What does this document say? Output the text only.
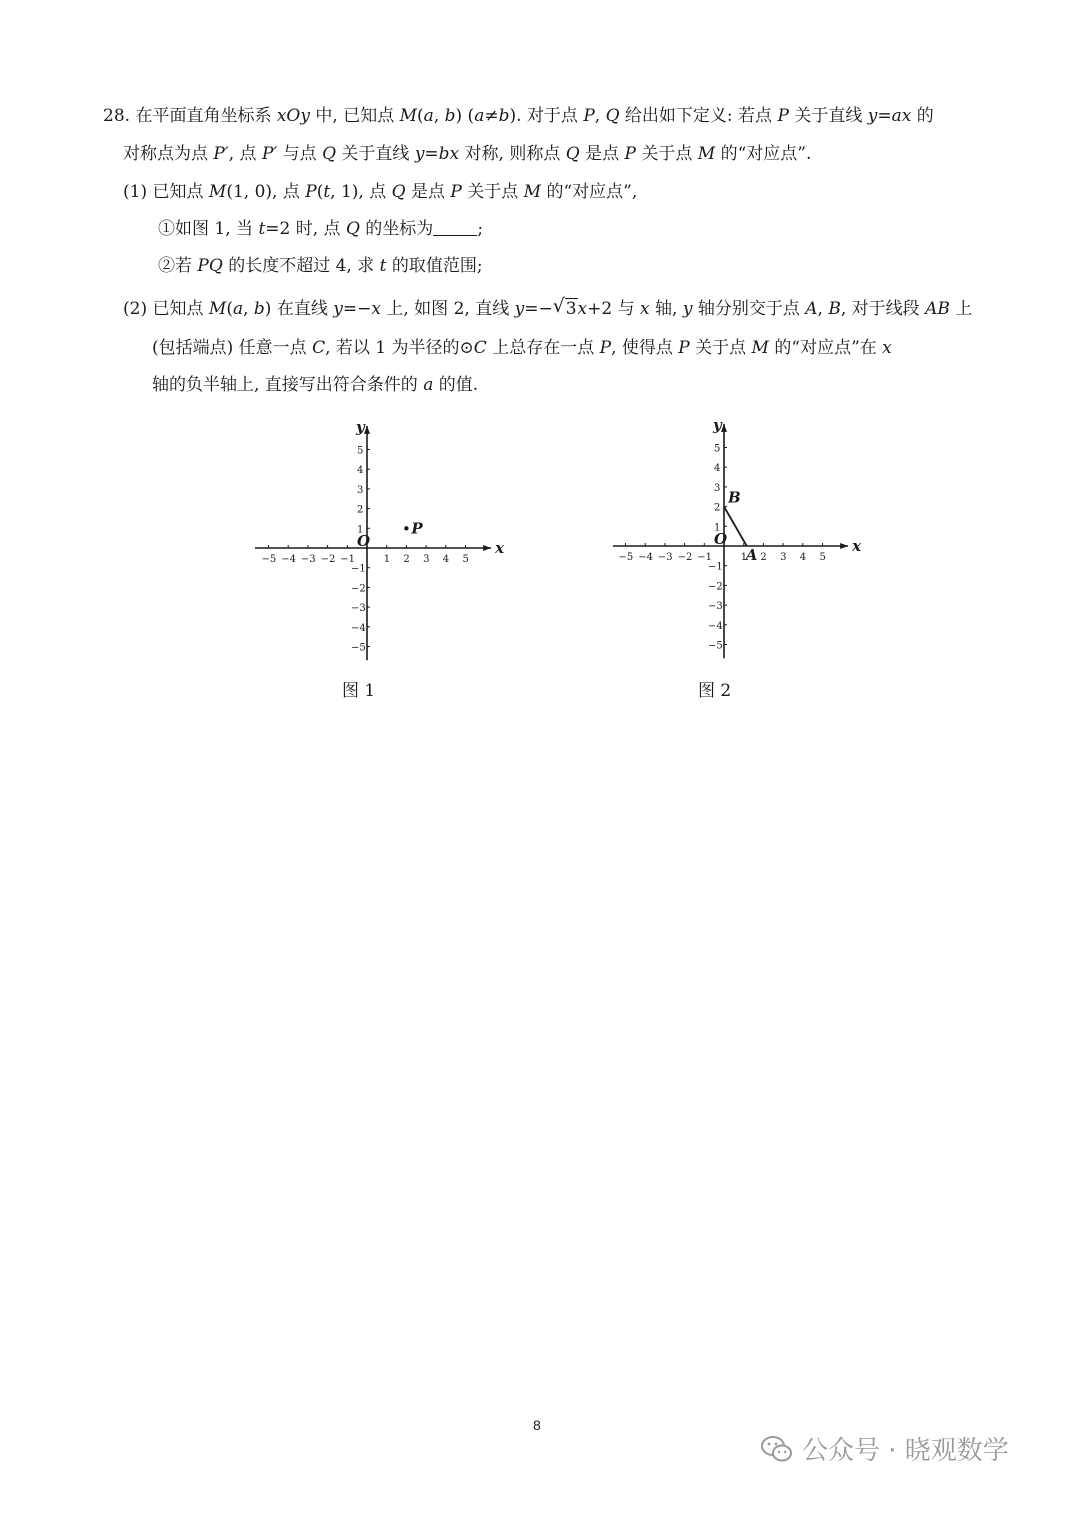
28. 在平面直角坐标系 xOy 中, 已知点 M(a, b) (a≠b). 对于点 P, Q 给出如下定义: 若点 P 关于直线 y=ax 的
对称点为点 P′, 点 P′ 与点 Q 关于直线 y=bx 对称, 则称点 Q 是点 P 关于点 M 的“对应点”.
(1) 已知点 M(1, 0), 点 P(t, 1), 点 Q 是点 P 关于点 M 的“对应点”,
①如图 1, 当 t=2 时, 点 Q 的坐标为	;
②若 PQ 的长度不超过 4, 求 t 的取值范围;
(2) 已知点 M(a, b) 在直线 y=−x 上, 如图 2, 直线 y=−√ 3x+2 与 x 轴, y 轴分别交于点 A, B, 对于线段 AB 上
(包括端点) 任意一点 C, 若以 1 为半径的⊙C 上总存在一点 P, 使得点 P 关于点 M 的“对应点”在 x
轴的负半轴上, 直接写出符合条件的 a 的值.
x
y
O
−5 −4 −3 −2 −1	1 2 3 4 5
5
4
3
2
1
−1
−2
−3
−4
−5
P
图 1
x
y
O
−5 −4 −3 −2 −1	1 2 3 4 5
5
4
3
2
1
−1
−2
−3
−4
−5
B
A
图 2
8
公众号 · 晓观数学
